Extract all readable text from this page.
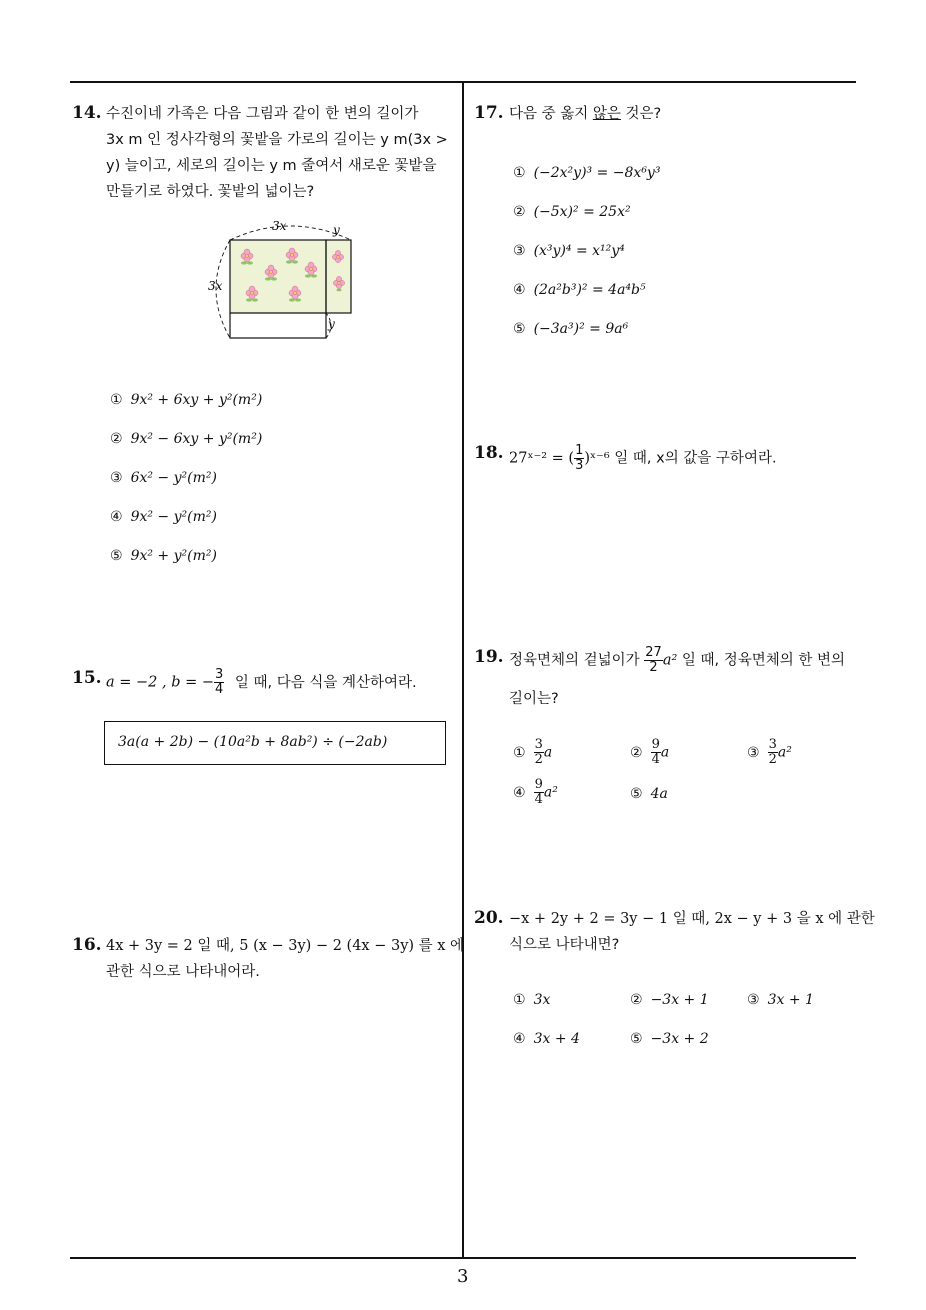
14. 수진이네 가족은 다음 그림과 같이 한 변의 길이가
3x m 인 정사각형의 꽃밭을 가로의 길이는 y m(3x >
y) 늘이고, 세로의 길이는 y m 줄여서 새로운 꽃밭을
만들기로 하였다. 꽃밭의 넓이는?
3x	y
3x
y
① 9x² + 6xy + y²(m²)
② 9x² − 6xy + y²(m²)
③ 6x² − y²(m²)
④ 9x² − y²(m²)
⑤ 9x² + y²(m²)
15. a = −2 , b = − $\frac{3}{4}$ 일 때, 다음 식을 계산하여라.
3a(a + 2b) − (10a²b + 8ab²) ÷ (−2ab)
16. 4x + 3y = 2 일 때, 5 (x − 3y) − 2 (4x − 3y) 를 x 에
관한 식으로 나타내어라.
17. 다음 중 옳지 않은 것은?
① (−2x²y)³ = −8x⁶y³
② (−5x)² = 25x²
③ (x³y)⁴ = x¹²y⁴
④ (2a²b³)² = 4a⁴b⁵
⑤ (−3a³)² = 9a⁶
18. 27ˣ⁻² = ( $\frac{1}{3}$ )ˣ⁻⁶ 일 때, x의 값을 구하여라.
19. 정육면체의 겉넓이가 $\frac{27}{2} a^2$ 일 때, 정육면체의 한 변의
길이는?
① $\frac{3}{2}$ a	② $\frac{9}{4}$ a	③ $\frac{3}{2} a^2$
④ $\frac{9}{4} a^2$	⑤ 4a
20. −x + 2y + 2 = 3y − 1 일 때, 2x − y + 3 을 x 에 관한
식으로 나타내면?
① 3x	② −3x + 1	③ 3x + 1
④ 3x + 4	⑤ −3x + 2
3
